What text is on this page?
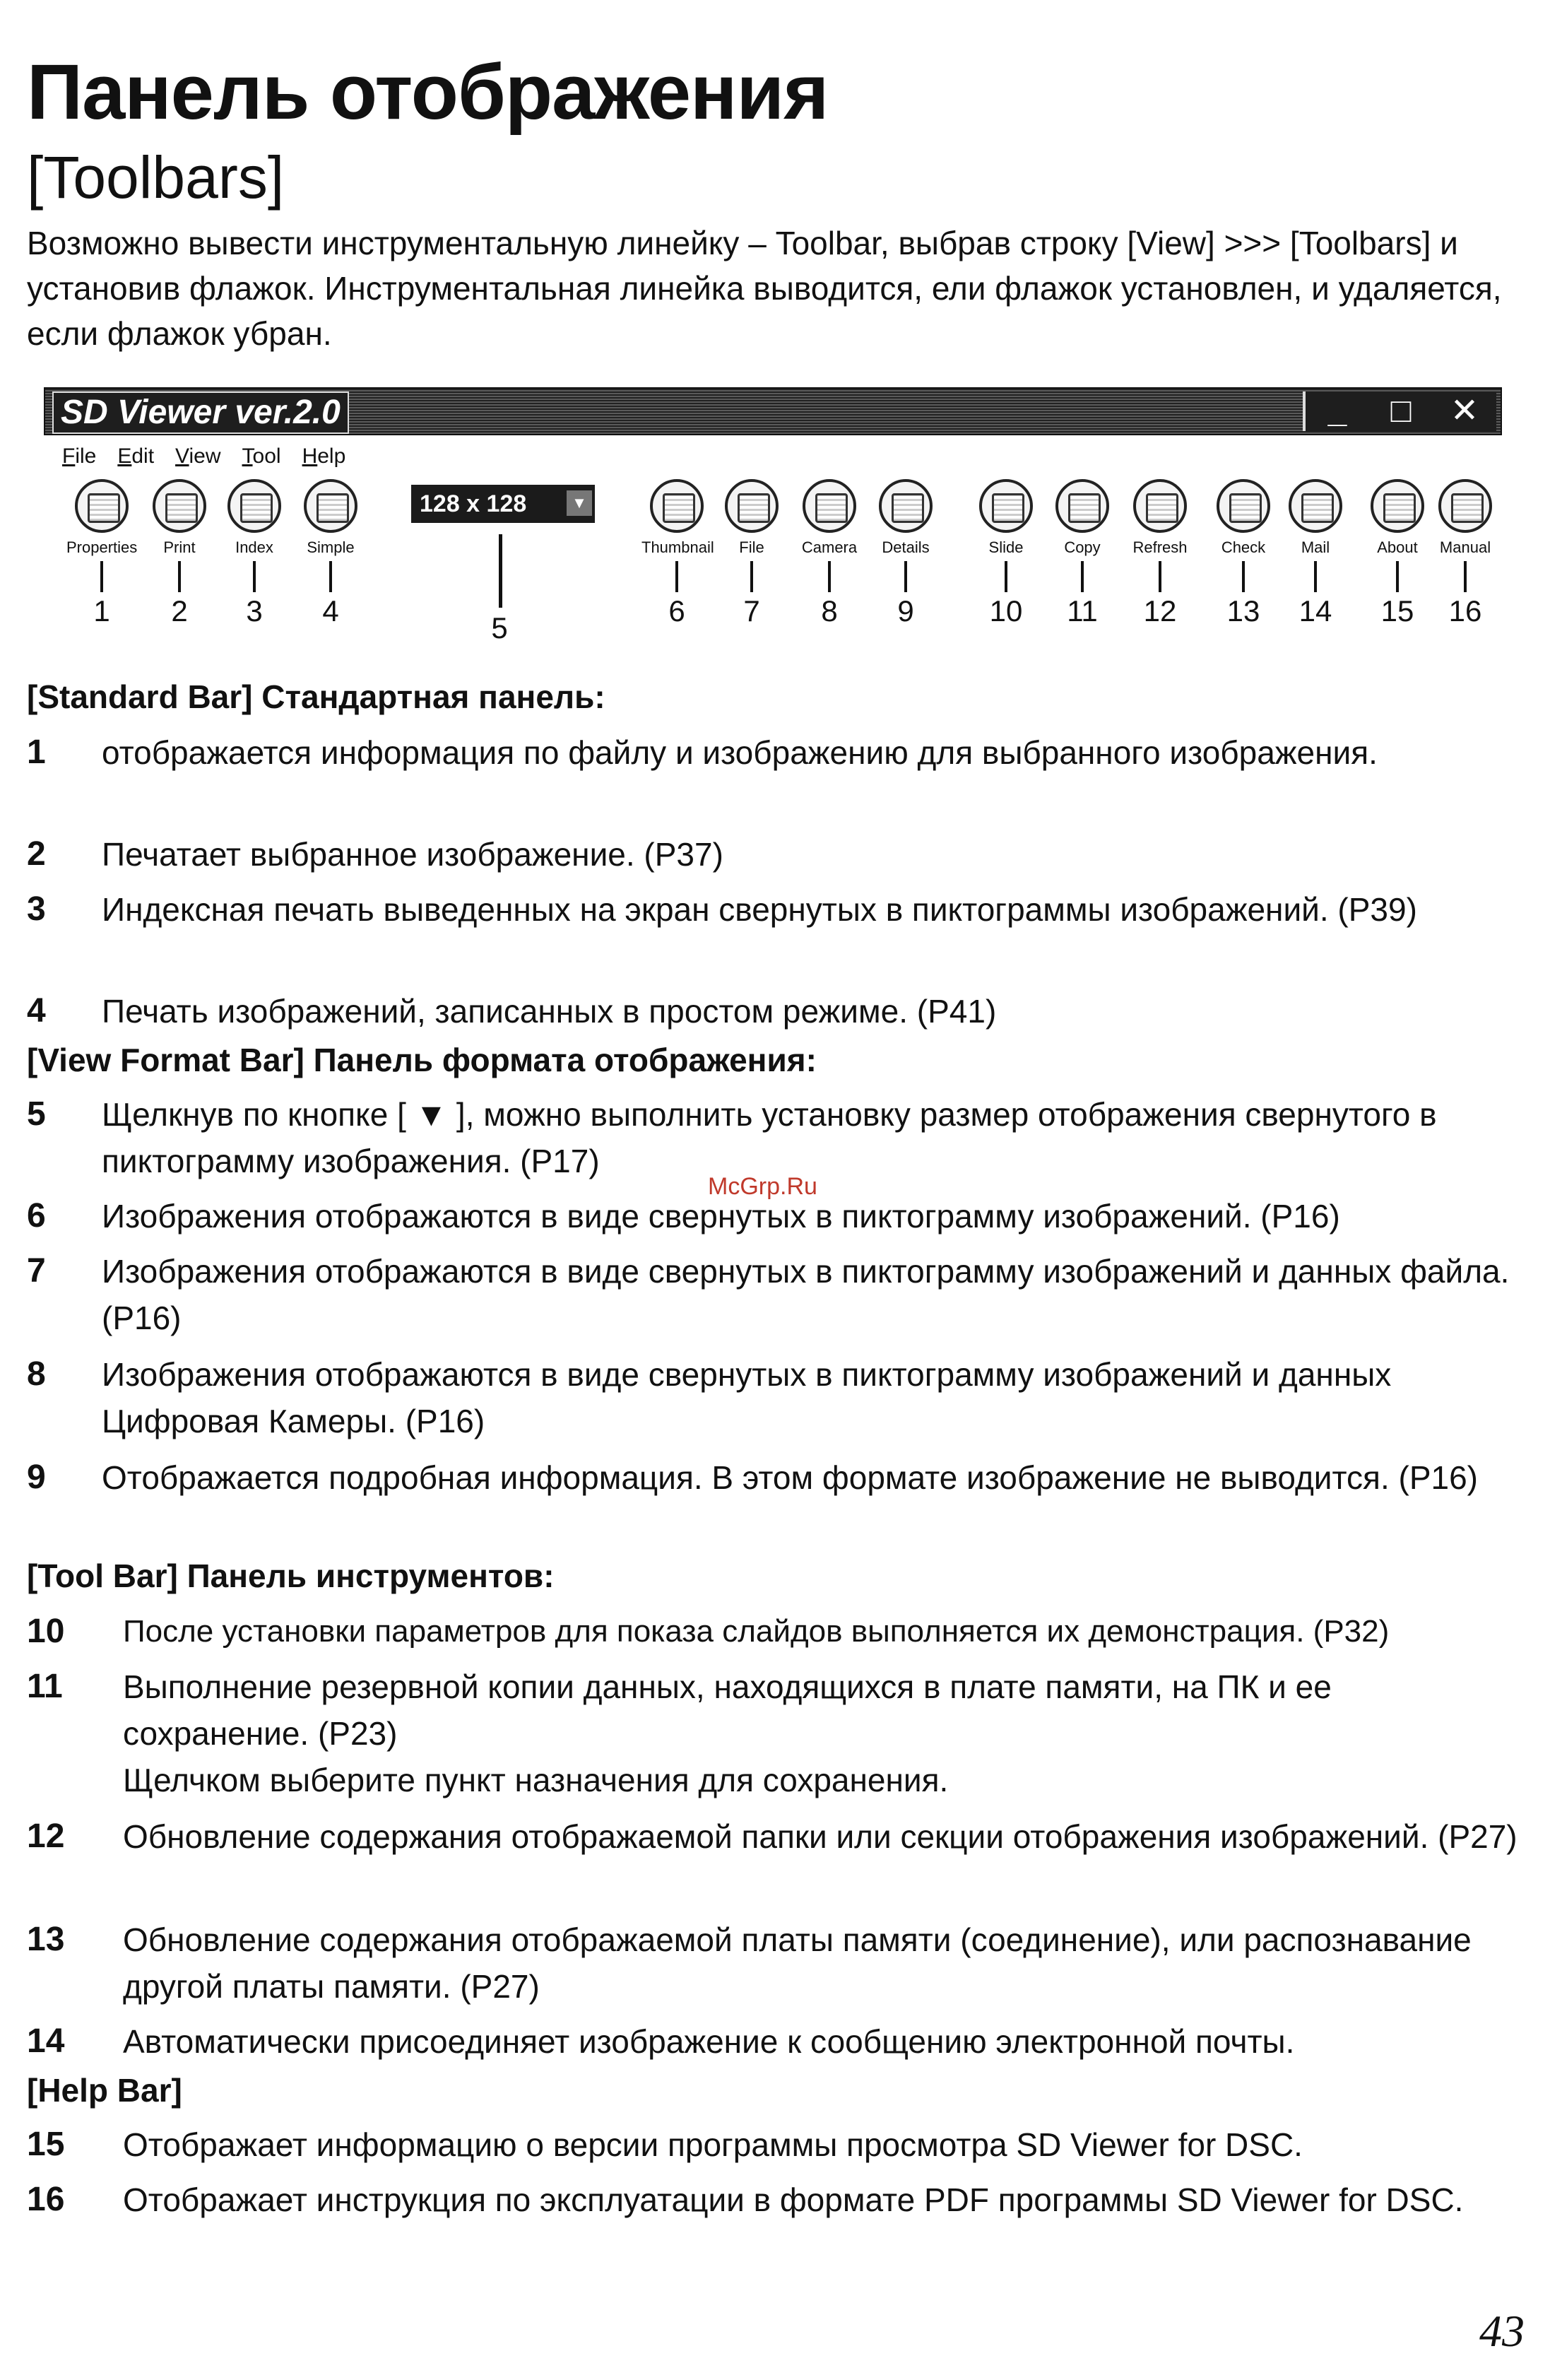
Панель отображения
[Toolbars]

Возможно вывести инструментальную линейку – Toolbar, выбрав строку [View] >>> [Toolbars] и установив флажок. Инструментальная линейка выводится, ели флажок установлен, и удаляется, если флажок убран.

SD Viewer ver.2.0	_	□	✕
File Edit View Tool Help
Properties
1
Print
2
Index
3
Simple
4
128 x 128	▼
5
Thumbnail
6
File
7
Camera
8
Details
9
Slide
10
Copy
11
Refresh
12
Check
13
Mail
14
About
15
Manual
16
[Standard Bar] Стандартная панель:
1	отображается информация по файлу и изображению для выбранного изображения.
2	Печатает выбранное изображение. (P37)
3	Индексная печать выведенных на экран свернутых в пиктограммы изображений. (P39)
4	Печать изображений, записанных в простом режиме. (P41)
[View Format Bar] Панель формата отображения:
5	Щелкнув по кнопке [ ▼ ], можно выполнить установку размер отображения свернутого в пиктограмму изображения. (P17)
6	Изображения отображаются в виде свернутых в пиктограмму изображений. (P16)
7	Изображения отображаются в виде свернутых в пиктограмму изображений и данных файла. (P16)
8	Изображения отображаются в виде свернутых в пиктограмму изображений и данных Цифровая Камеры. (P16)
9	Отображается подробная информация. В этом формате изображение не выводится. (P16)
[Tool Bar] Панель инструментов:
10	После установки параметров для показа слайдов выполняется их демонстрация. (P32)
11	Выполнение резервной копии данных, находящихся в плате памяти, на ПК и ее сохранение. (P23)
Щелчком выберите пункт назначения для сохранения.
12	Обновление содержания отображаемой папки или секции отображения изображений. (P27)
13	Обновление содержания отображаемой платы памяти (соединение), или распознавание другой платы памяти. (P27)
14	Автоматически присоединяет изображение к сообщению электронной почты.
[Help Bar]
15	Отображает информацию о версии программы просмотра SD Viewer for DSC.
16	Отображает инструкция по эксплуатации в формате PDF программы SD Viewer for DSC.
McGrp.Ru
43
